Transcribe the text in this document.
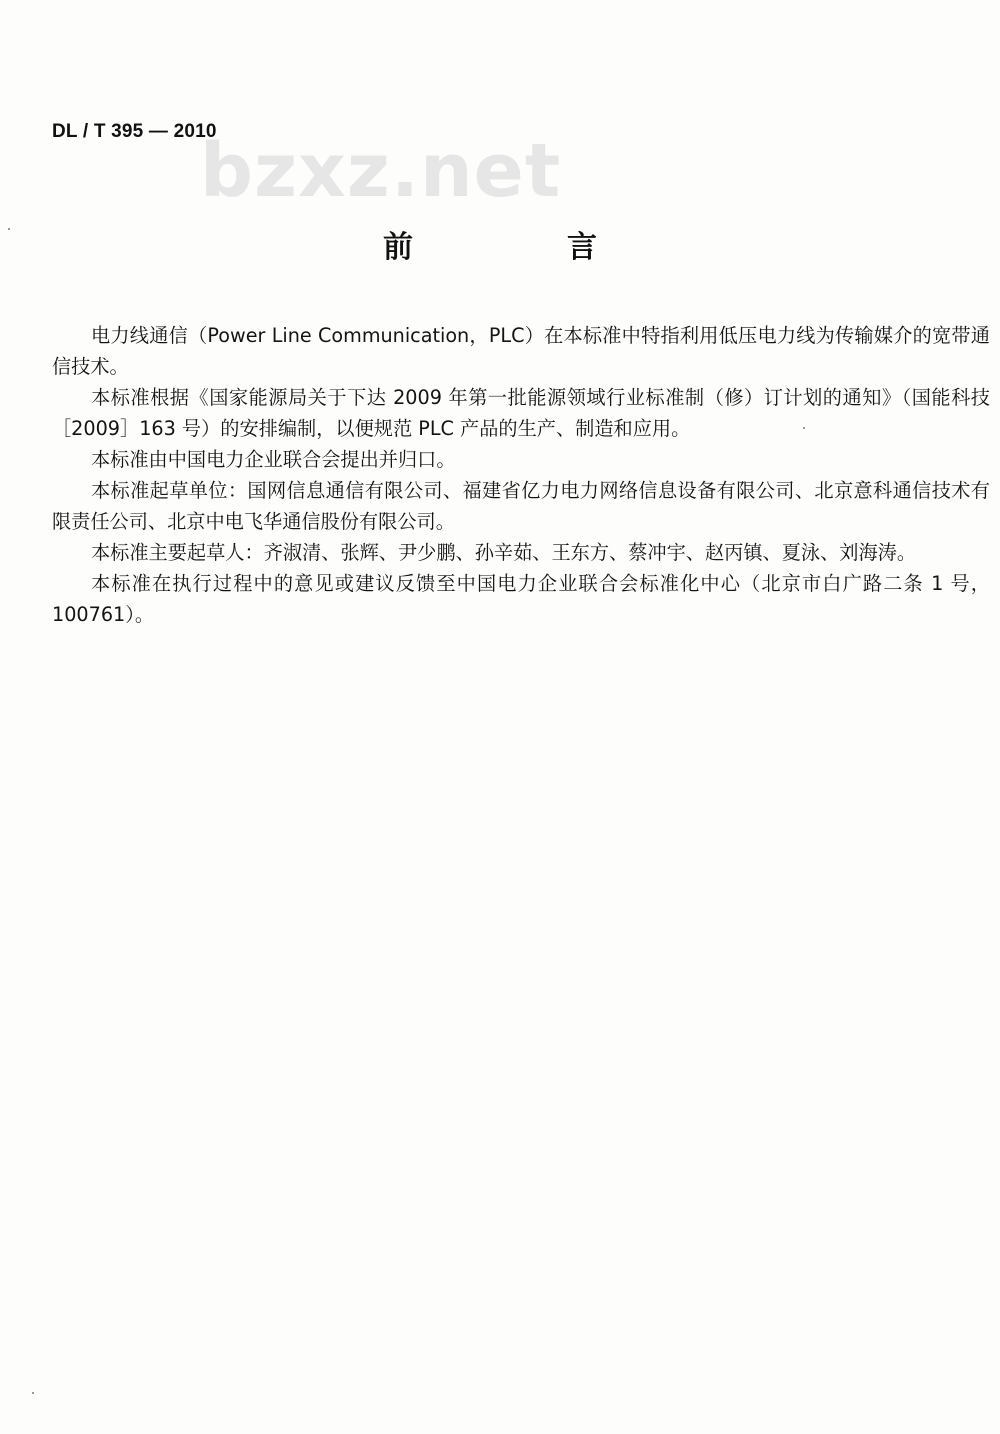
DL / T 395 — 2010
bzxz.net
前　言

电力线通信（Power Line Communication，PLC）在本标准中特指利用低压电力线为传输媒介的宽带通信技术。

本标准根据《国家能源局关于下达 2009 年第一批能源领域行业标准制（修）订计划的通知》（国能科技［2009］163 号）的安排编制，以便规范 PLC 产品的生产、制造和应用。

本标准由中国电力企业联合会提出并归口。

本标准起草单位：国网信息通信有限公司、福建省亿力电力网络信息设备有限公司、北京意科通信技术有限责任公司、北京中电飞华通信股份有限公司。

本标准主要起草人：齐淑清、张辉、尹少鹏、孙辛茹、王东方、蔡冲宇、赵丙镇、夏泳、刘海涛。

本标准在执行过程中的意见或建议反馈至中国电力企业联合会标准化中心（北京市白广路二条 1 号，100761）。
